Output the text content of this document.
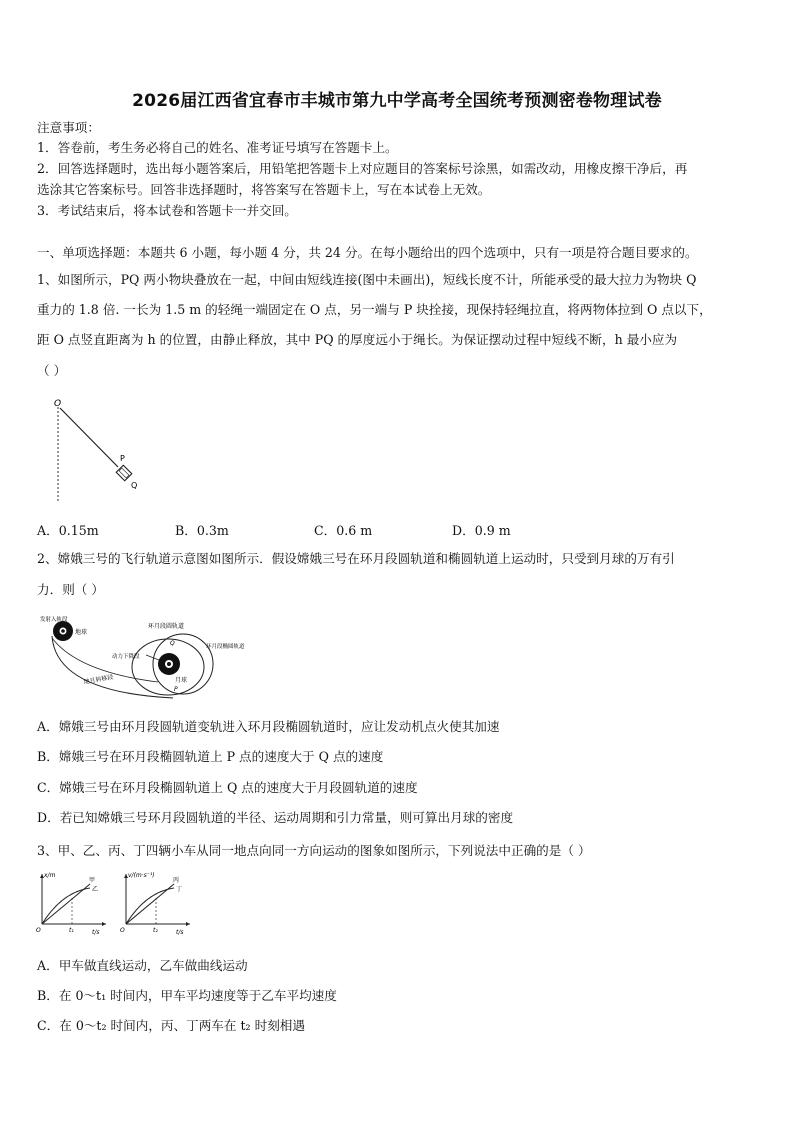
2026届江西省宜春市丰城市第九中学高考全国统考预测密卷物理试卷
注意事项：
1．答卷前，考生务必将自己的姓名、准考证号填写在答题卡上。
2．回答选择题时，选出每小题答案后，用铅笔把答题卡上对应题目的答案标号涂黑，如需改动，用橡皮擦干净后，再
选涂其它答案标号。回答非选择题时，将答案写在答题卡上，写在本试卷上无效。
3．考试结束后，将本试卷和答题卡一并交回。
一、单项选择题：本题共 6 小题，每小题 4 分，共 24 分。在每小题给出的四个选项中，只有一项是符合题目要求的。
1、如图所示，PQ 两小物块叠放在一起，中间由短线连接(图中未画出)，短线长度不计，所能承受的最大拉力为物块 Q
重力的 1.8 倍. 一长为 1.5 m 的轻绳一端固定在 O 点，另一端与 P 块拴接，现保持轻绳拉直，将两物体拉到 O 点以下，
距 O 点竖直距离为 h 的位置，由静止释放，其中 PQ 的厚度远小于绳长。为保证摆动过程中短线不断，h 最小应为
（ ）
O
P
Q
A．0.15m	B．0.3m	C．0.6 m	D．0.9 m
2、嫦娥三号的飞行轨道示意图如图所示．假设嫦娥三号在环月段圆轨道和椭圆轨道上运动时，只受到月球的万有引
力．则（ ）
发射入轨段
地球
地月转移段
环月段圆轨道
环月段椭圆轨道
动力下降段
Q
P
月球
A．嫦娥三号由环月段圆轨道变轨进入环月段椭圆轨道时，应让发动机点火使其加速
B．嫦娥三号在环月段椭圆轨道上 P 点的速度大于 Q 点的速度
C．嫦娥三号在环月段椭圆轨道上 Q 点的速度大于月段圆轨道的速度
D．若已知嫦娥三号环月段圆轨道的半径、运动周期和引力常量，则可算出月球的密度
3、甲、乙、丙、丁四辆小车从同一地点向同一方向运动的图象如图所示，下列说法中正确的是（ ）
x/m
t/s
O	t₁
甲
乙
v/(m·s⁻¹)
t/s
O	t₂
丙
丁
A．甲车做直线运动，乙车做曲线运动
B．在 0～t₁ 时间内，甲车平均速度等于乙车平均速度
C．在 0～t₂ 时间内，丙、丁两车在 t₂ 时刻相遇
